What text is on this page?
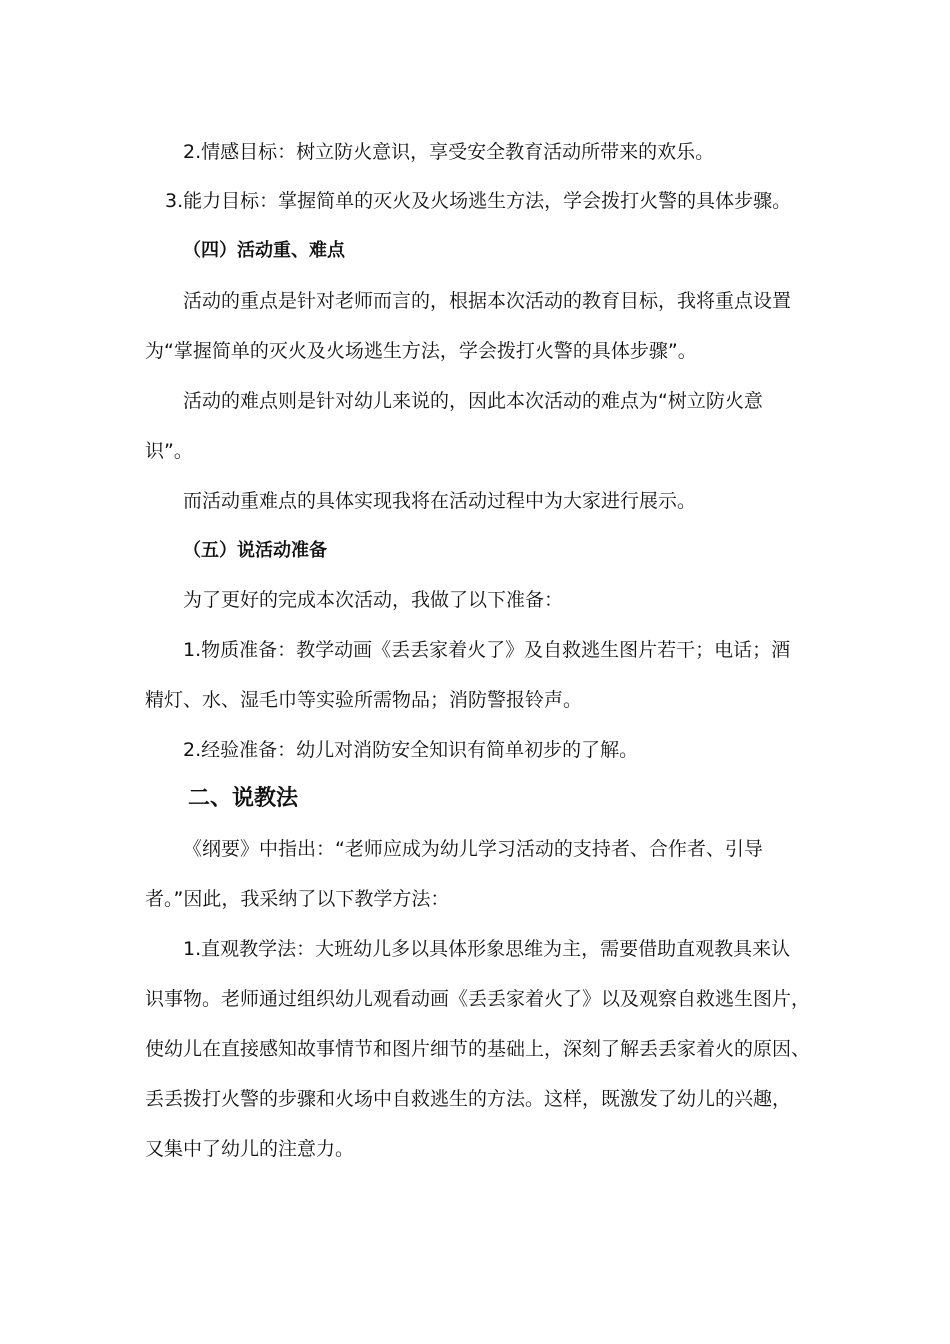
2.情感目标：树立防火意识，享受安全教育活动所带来的欢乐。
3.能力目标：掌握简单的灭火及火场逃生方法，学会拨打火警的具体步骤。
（四）活动重、难点
活动的重点是针对老师而言的，根据本次活动的教育目标，我将重点设置
为“掌握简单的灭火及火场逃生方法，学会拨打火警的具体步骤”。
活动的难点则是针对幼儿来说的，因此本次活动的难点为“树立防火意
识”。
而活动重难点的具体实现我将在活动过程中为大家进行展示。
（五）说活动准备
为了更好的完成本次活动，我做了以下准备：
1.物质准备：教学动画《丢丢家着火了》及自救逃生图片若干；电话；酒
精灯、水、湿毛巾等实验所需物品；消防警报铃声。
2.经验准备：幼儿对消防安全知识有简单初步的了解。
二、说教法
《纲要》中指出：“老师应成为幼儿学习活动的支持者、合作者、引导
者。”因此，我采纳了以下教学方法：
1.直观教学法：大班幼儿多以具体形象思维为主，需要借助直观教具来认
识事物。老师通过组织幼儿观看动画《丢丢家着火了》以及观察自救逃生图片，
使幼儿在直接感知故事情节和图片细节的基础上，深刻了解丢丢家着火的原因、
丢丢拨打火警的步骤和火场中自救逃生的方法。这样，既激发了幼儿的兴趣，
又集中了幼儿的注意力。
